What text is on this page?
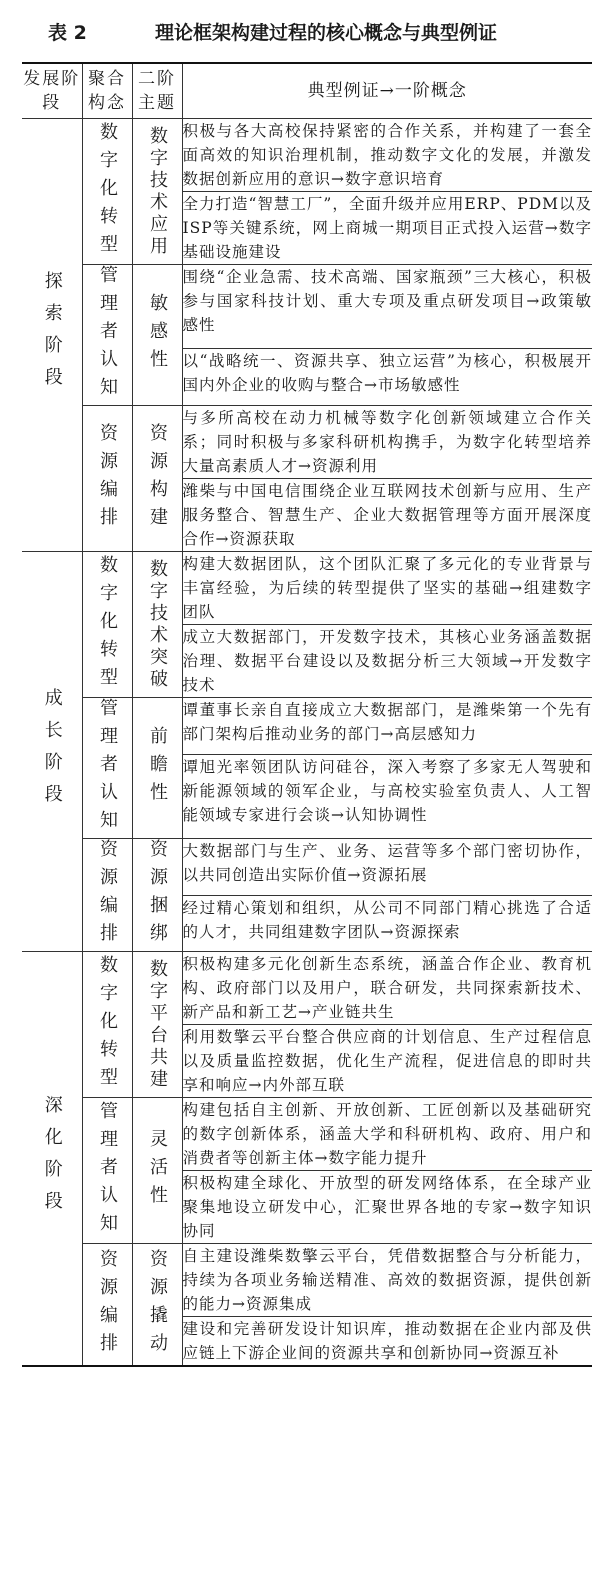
表 2	理论框架构建过程的核心概念与典型例证
发展阶段	聚合构念	二阶主题	典型例证→一阶概念

探索阶段	数字化转型	数字技术应用	积极与各大高校保持紧密的合作关系，并构建了一套全面高效的知识治理机制，推动数字文化的发展，并激发数据创新应用的意识→数字意识培育
			全力打造“智慧工厂”，全面升级并应用ERP、PDM以及ISP等关键系统，网上商城一期项目正式投入运营→数字基础设施建设

	管理者认知	敏感性	围绕“企业急需、技术高端、国家瓶颈”三大核心，积极参与国家科技计划、重大专项及重点研发项目→政策敏感性
			以“战略统一、资源共享、独立运营”为核心，积极展开国内外企业的收购与整合→市场敏感性

	资源编排	资源构建	与多所高校在动力机械等数字化创新领域建立合作关系；同时积极与多家科研机构携手，为数字化转型培养大量高素质人才→资源利用
			潍柴与中国电信围绕企业互联网技术创新与应用、生产服务整合、智慧生产、企业大数据管理等方面开展深度合作→资源获取

成长阶段	数字化转型	数字技术突破	构建大数据团队，这个团队汇聚了多元化的专业背景与丰富经验，为后续的转型提供了坚实的基础→组建数字团队
			成立大数据部门，开发数字技术，其核心业务涵盖数据治理、数据平台建设以及数据分析三大领域→开发数字技术

	管理者认知	前瞻性	谭董事长亲自直接成立大数据部门，是潍柴第一个先有部门架构后推动业务的部门→高层感知力
			谭旭光率领团队访问硅谷，深入考察了多家无人驾驶和新能源领域的领军企业，与高校实验室负责人、人工智能领域专家进行会谈→认知协调性

	资源编排	资源捆绑	大数据部门与生产、业务、运营等多个部门密切协作，以共同创造出实际价值→资源拓展
			经过精心策划和组织，从公司不同部门精心挑选了合适的人才，共同组建数字团队→资源探索

深化阶段	数字化转型	数字平台共建	积极构建多元化创新生态系统，涵盖合作企业、教育机构、政府部门以及用户，联合研发，共同探索新技术、新产品和新工艺→产业链共生
			利用数擎云平台整合供应商的计划信息、生产过程信息以及质量监控数据，优化生产流程，促进信息的即时共享和响应→内外部互联

	管理者认知	灵活性	构建包括自主创新、开放创新、工匠创新以及基础研究的数字创新体系，涵盖大学和科研机构、政府、用户和消费者等创新主体→数字能力提升
			积极构建全球化、开放型的研发网络体系，在全球产业聚集地设立研发中心，汇聚世界各地的专家→数字知识协同

	资源编排	资源撬动	自主建设潍柴数擎云平台，凭借数据整合与分析能力，持续为各项业务输送精准、高效的数据资源，提供创新的能力→资源集成
			建设和完善研发设计知识库，推动数据在企业内部及供应链上下游企业间的资源共享和创新协同→资源互补
